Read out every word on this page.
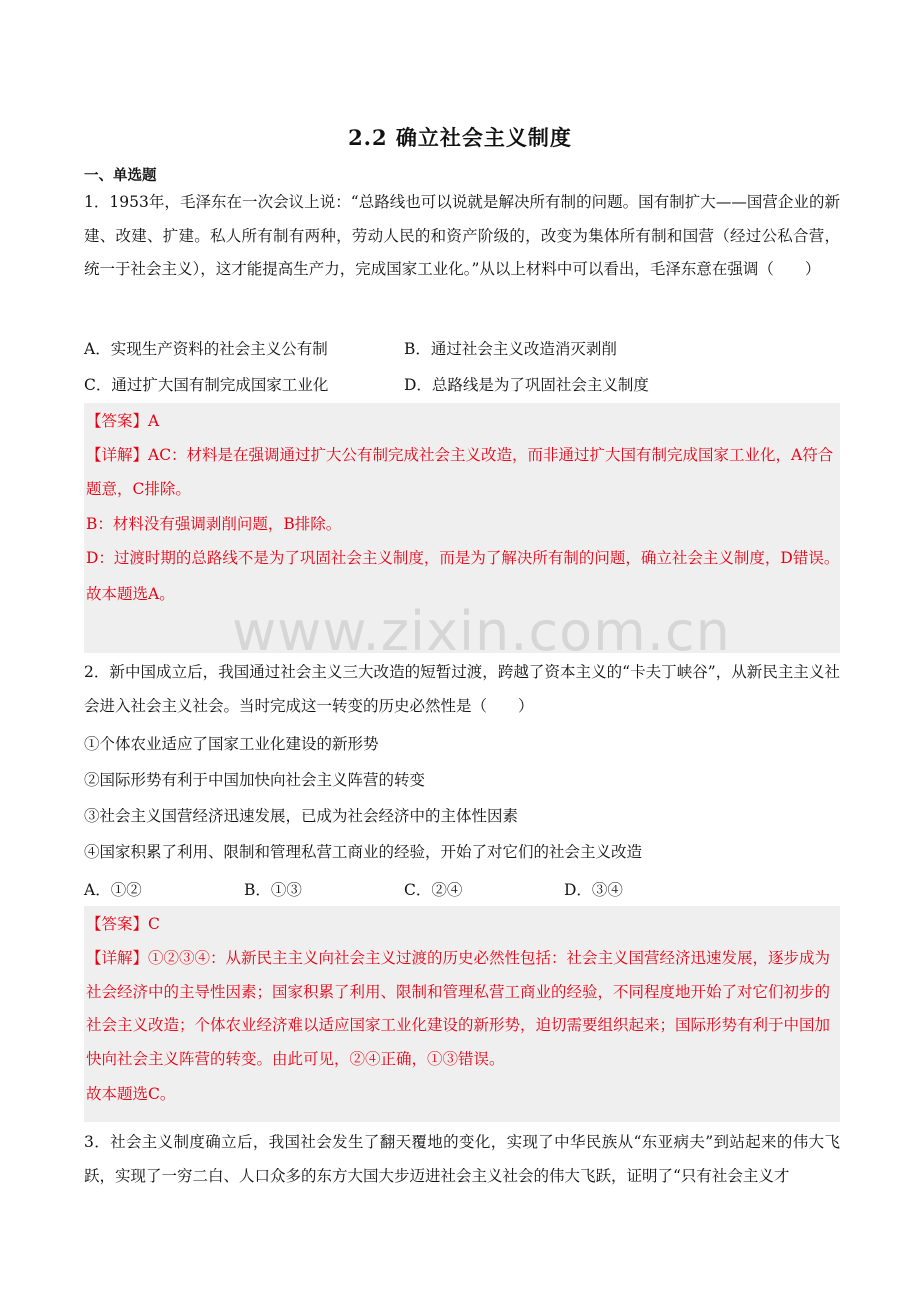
2.2 确立社会主义制度
一、单选题
1．1953年，毛泽东在一次会议上说：“总路线也可以说就是解决所有制的问题。国有制扩大——国营企业的新建、改建、扩建。私人所有制有两种，劳动人民的和资产阶级的，改变为集体所有制和国营（经过公私合营，统一于社会主义），这才能提高生产力，完成国家工业化。”从以上材料中可以看出，毛泽东意在强调（　　）
A．实现生产资料的社会主义公有制	B．通过社会主义改造消灭剥削
C．通过扩大国有制完成国家工业化	D．总路线是为了巩固社会主义制度

【答案】A

【详解】AC：材料是在强调通过扩大公有制完成社会主义改造，而非通过扩大国有制完成国家工业化，A符合题意，C排除。

B：材料没有强调剥削问题，B排除。

D：过渡时期的总路线不是为了巩固社会主义制度，而是为了解决所有制的问题，确立社会主义制度，D错误。

故本题选A。

2．新中国成立后，我国通过社会主义三大改造的短暂过渡，跨越了资本主义的“卡夫丁峡谷”，从新民主主义社会进入社会主义社会。当时完成这一转变的历史必然性是（　　）
①个体农业适应了国家工业化建设的新形势
②国际形势有利于中国加快向社会主义阵营的转变
③社会主义国营经济迅速发展，已成为社会经济中的主体性因素
④国家积累了利用、限制和管理私营工商业的经验，开始了对它们的社会主义改造
A．①②	B．①③	C．②④	D．③④

【答案】C

【详解】①②③④：从新民主主义向社会主义过渡的历史必然性包括：社会主义国营经济迅速发展，逐步成为社会经济中的主导性因素；国家积累了利用、限制和管理私营工商业的经验，不同程度地开始了对它们初步的社会主义改造；个体农业经济难以适应国家工业化建设的新形势，迫切需要组织起来；国际形势有利于中国加快向社会主义阵营的转变。由此可见，②④正确，①③错误。

故本题选C。

3．社会主义制度确立后，我国社会发生了翻天覆地的变化，实现了中华民族从“东亚病夫”到站起来的伟大飞跃，实现了一穷二白、人口众多的东方大国大步迈进社会主义社会的伟大飞跃，证明了“只有社会主义才
